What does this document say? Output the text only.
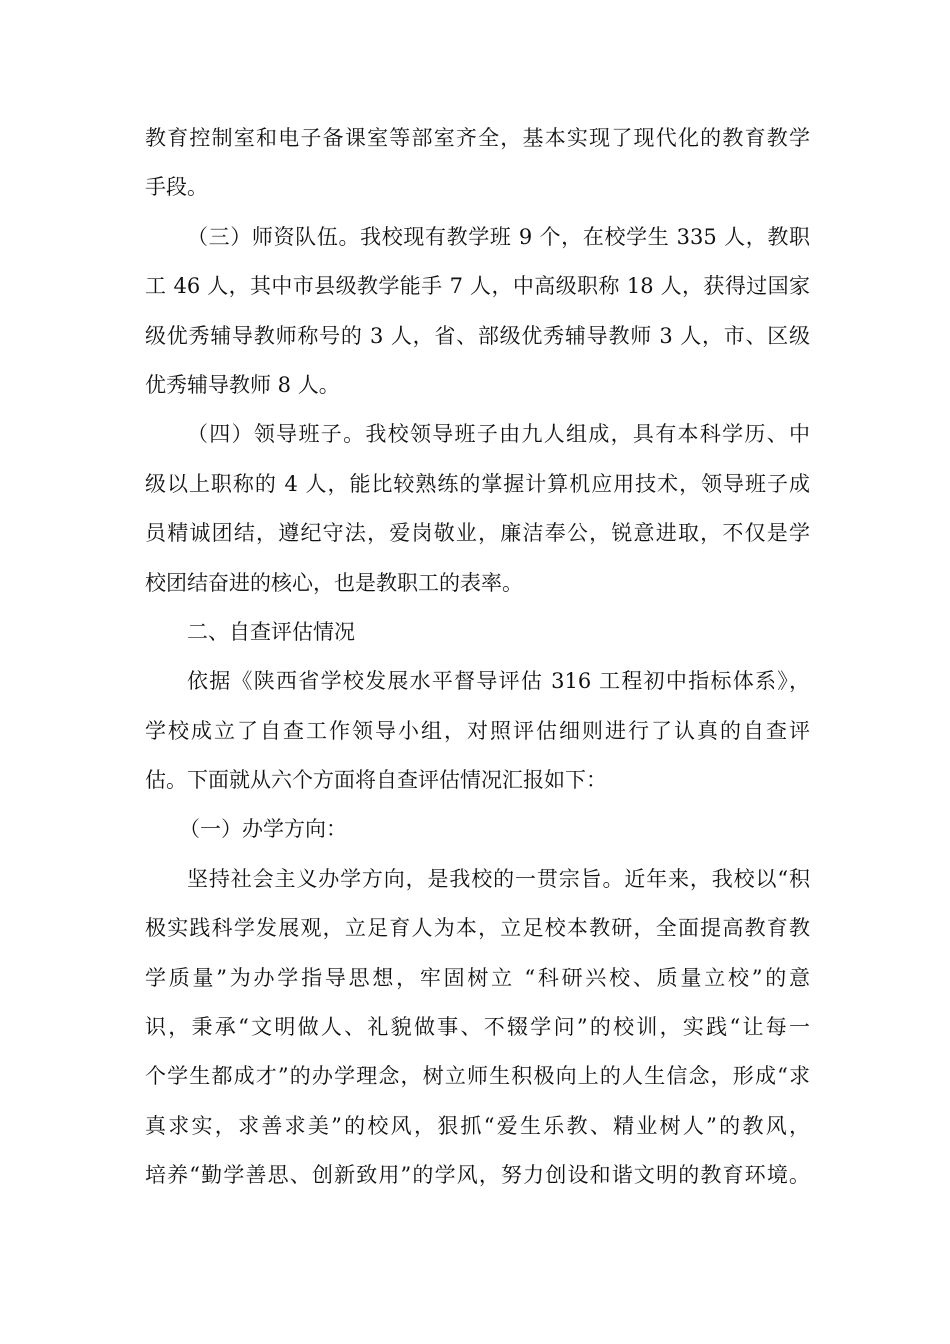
教育控制室和电子备课室等部室齐全，基本实现了现代化的教育教学
手段。
（三）师资队伍。我校现有教学班 9 个，在校学生 335 人，教职
工 46 人，其中市县级教学能手 7 人，中高级职称 18 人，获得过国家
级优秀辅导教师称号的 3 人，省、部级优秀辅导教师 3 人，市、区级
优秀辅导教师 8 人。
（四）领导班子。我校领导班子由九人组成，具有本科学历、中
级以上职称的 4 人，能比较熟练的掌握计算机应用技术，领导班子成
员精诚团结，遵纪守法，爱岗敬业，廉洁奉公，锐意进取，不仅是学
校团结奋进的核心，也是教职工的表率。
二、自查评估情况
依据《陕西省学校发展水平督导评估 316 工程初中指标体系》，
学校成立了自查工作领导小组，对照评估细则进行了认真的自查评
估。下面就从六个方面将自查评估情况汇报如下：
（一）办学方向：
坚持社会主义办学方向，是我校的一贯宗旨。近年来，我校以“积
极实践科学发展观，立足育人为本，立足校本教研，全面提高教育教
学质量”为办学指导思想，牢固树立 “科研兴校、质量立校”的意
识，秉承“文明做人、礼貌做事、不辍学问”的校训，实践“让每一
个学生都成才”的办学理念，树立师生积极向上的人生信念，形成“求
真求实，求善求美”的校风，狠抓“爱生乐教、精业树人”的教风，
培养“勤学善思、创新致用”的学风，努力创设和谐文明的教育环境。
